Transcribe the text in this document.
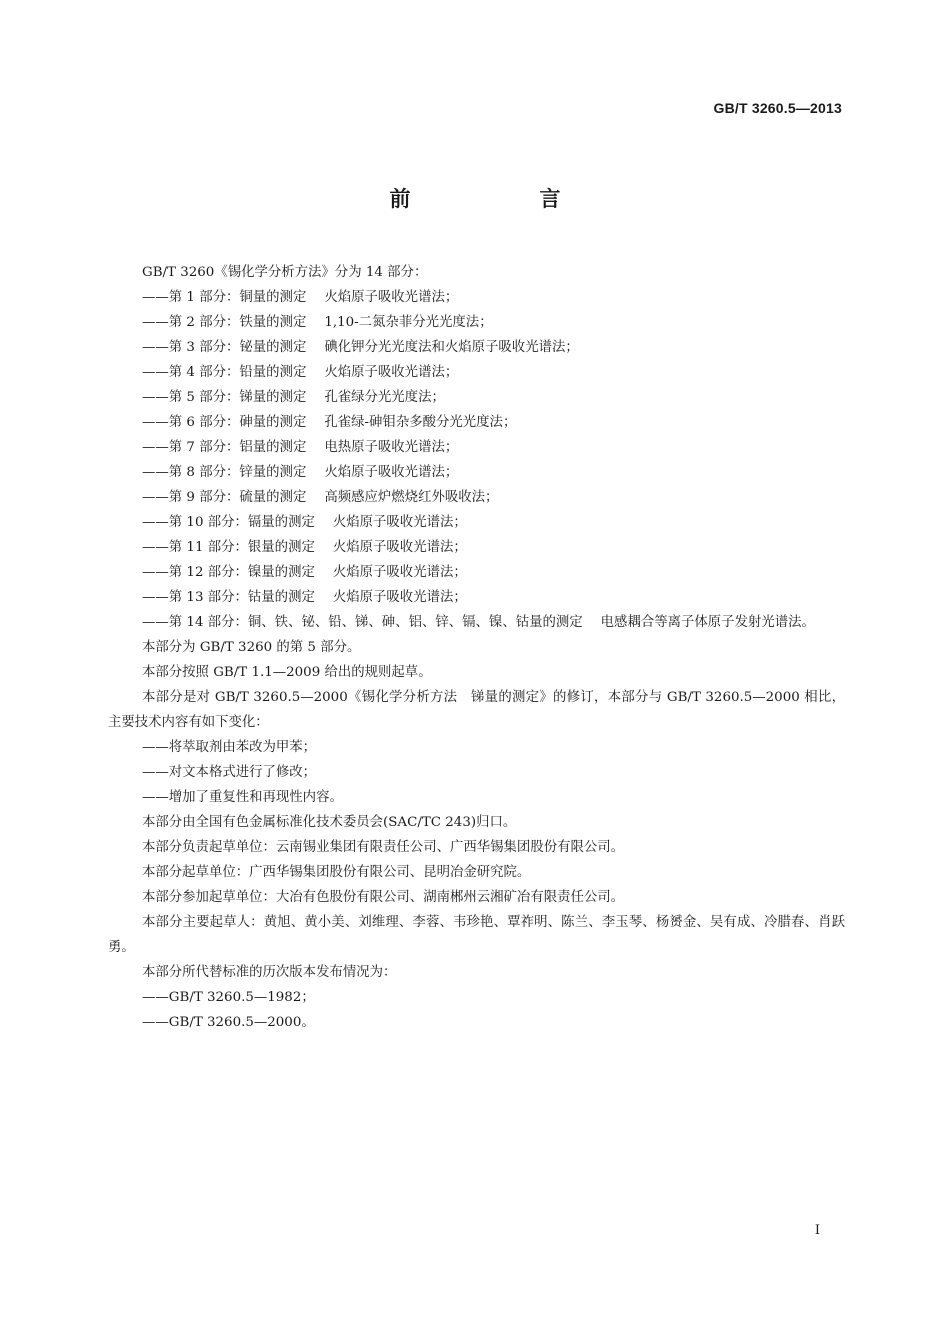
GB/T 3260.5—2013
前　言

GB/T 3260《锡化学分析方法》分为 14 部分：

——第 1 部分：铜量的测定 火焰原子吸收光谱法；

——第 2 部分：铁量的测定 1,10-二氮杂菲分光光度法；

——第 3 部分：铋量的测定 碘化钾分光光度法和火焰原子吸收光谱法；

——第 4 部分：铅量的测定 火焰原子吸收光谱法；

——第 5 部分：锑量的测定 孔雀绿分光光度法；

——第 6 部分：砷量的测定 孔雀绿-砷钼杂多酸分光光度法；

——第 7 部分：铝量的测定 电热原子吸收光谱法；

——第 8 部分：锌量的测定 火焰原子吸收光谱法；

——第 9 部分：硫量的测定 高频感应炉燃烧红外吸收法；

——第 10 部分：镉量的测定 火焰原子吸收光谱法；

——第 11 部分：银量的测定 火焰原子吸收光谱法；

——第 12 部分：镍量的测定 火焰原子吸收光谱法；

——第 13 部分：钴量的测定 火焰原子吸收光谱法；

——第 14 部分：铜、铁、铋、铅、锑、砷、铝、锌、镉、镍、钴量的测定 电感耦合等离子体原子发射光谱法。

本部分为 GB/T 3260 的第 5 部分。

本部分按照 GB/T 1.1—2009 给出的规则起草。

本部分是对 GB/T 3260.5—2000《锡化学分析方法　锑量的测定》的修订，本部分与 GB/T 3260.5—2000 相比，主要技术内容有如下变化：

——将萃取剂由苯改为甲苯；

——对文本格式进行了修改；

——增加了重复性和再现性内容。

本部分由全国有色金属标准化技术委员会(SAC/TC 243)归口。

本部分负责起草单位：云南锡业集团有限责任公司、广西华锡集团股份有限公司。

本部分起草单位：广西华锡集团股份有限公司、昆明冶金研究院。

本部分参加起草单位：大冶有色股份有限公司、湖南郴州云湘矿冶有限责任公司。

本部分主要起草人：黄旭、黄小美、刘维理、李蓉、韦珍艳、覃祚明、陈兰、李玉琴、杨赟金、吴有成、冷腊春、肖跃勇。

本部分所代替标准的历次版本发布情况为：

——GB/T 3260.5—1982；

——GB/T 3260.5—2000。

I
